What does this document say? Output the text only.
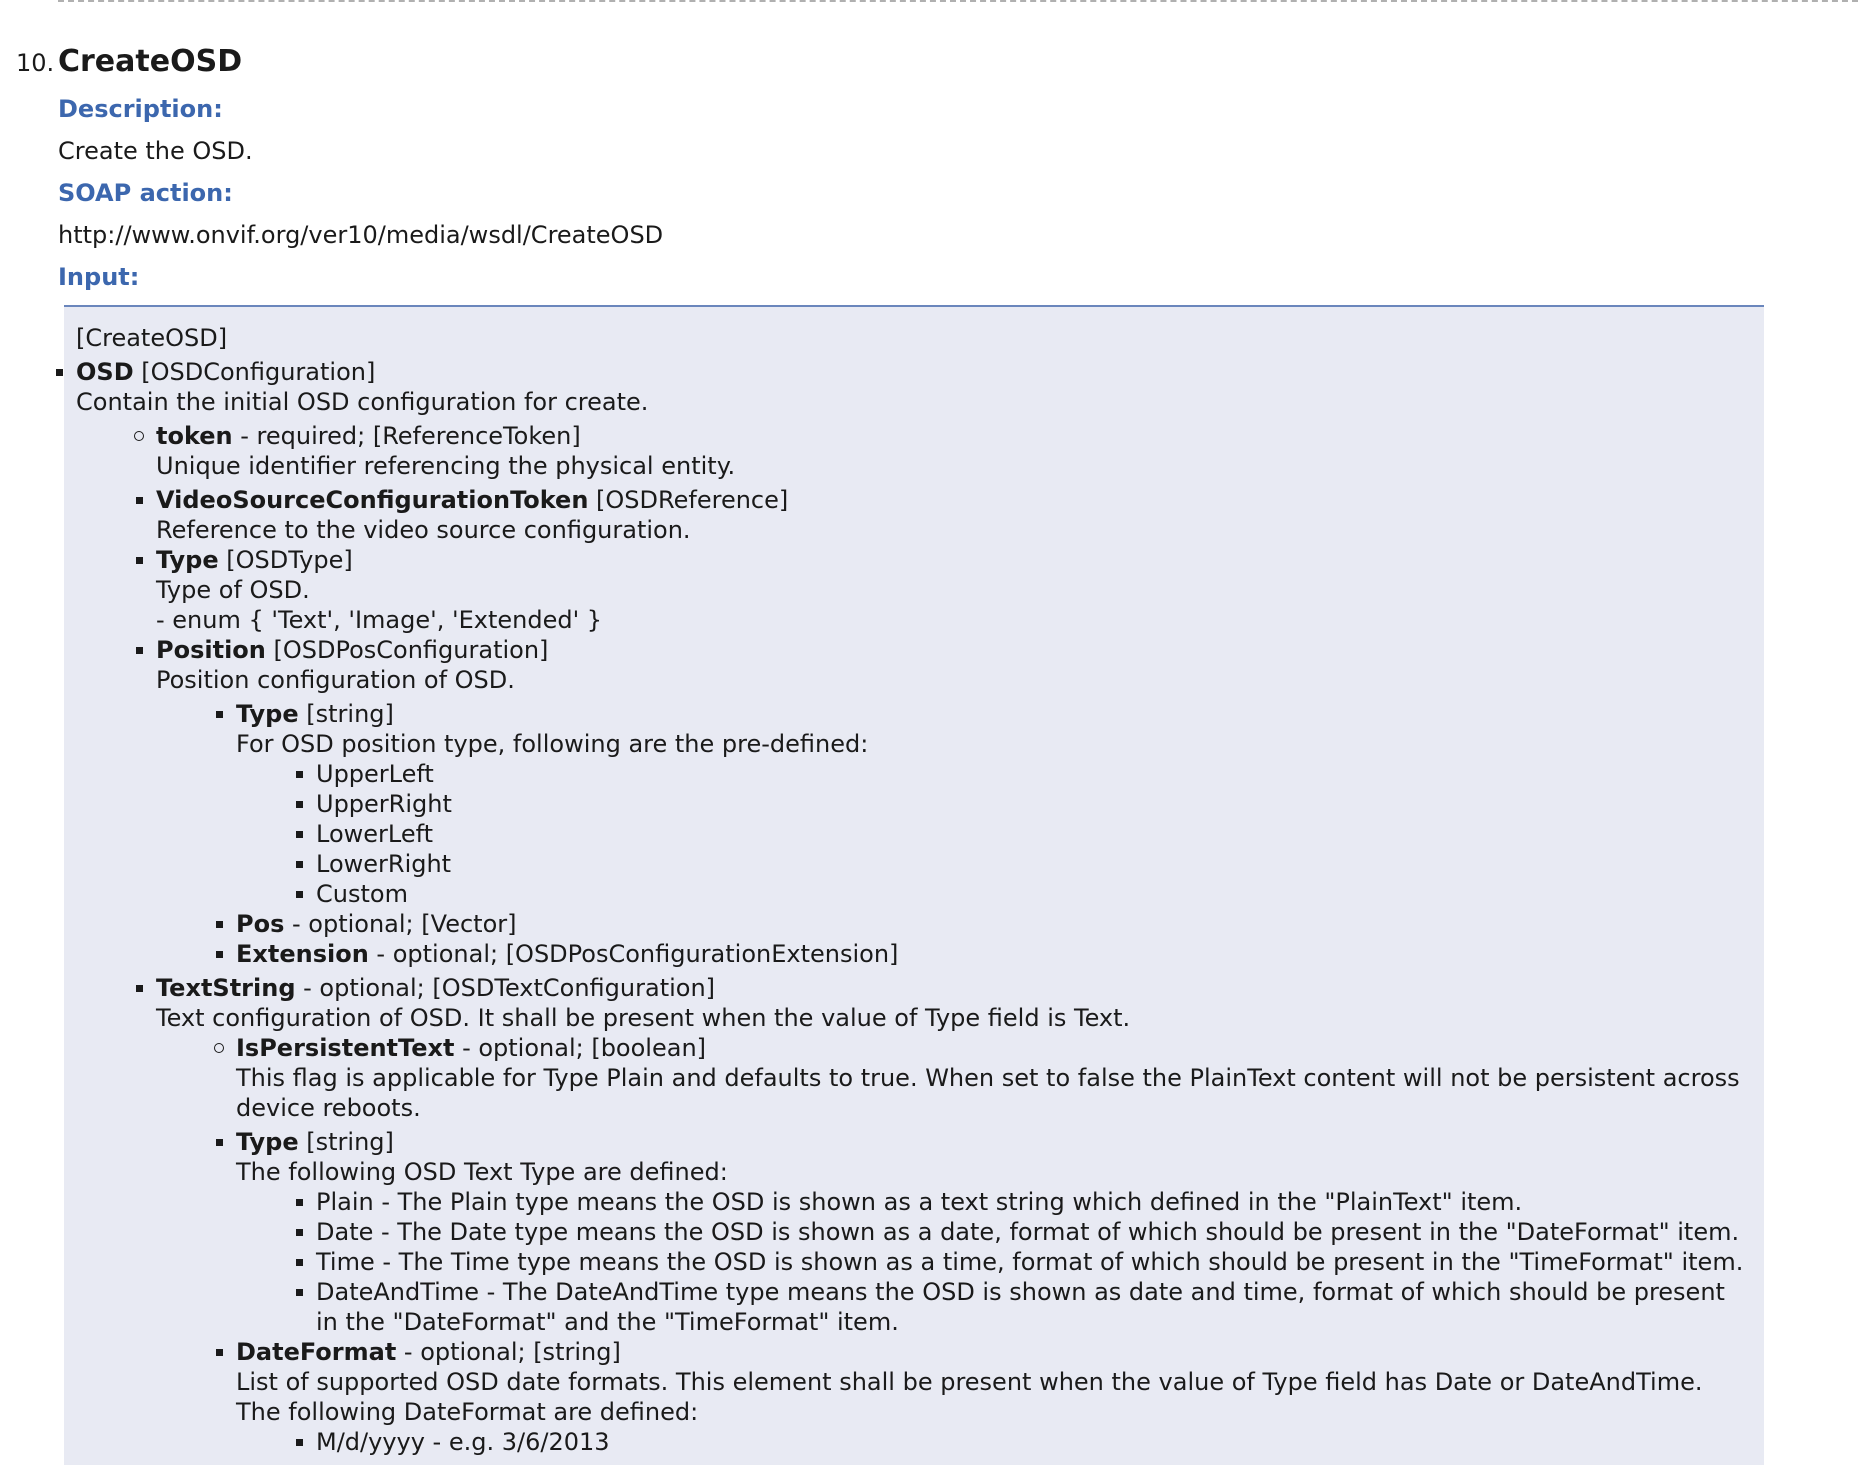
10. CreateOSD
Description:
Create the OSD.
SOAP action:
http://www.onvif.org/ver10/media/wsdl/CreateOSD
Input:
[CreateOSD]
OSD [OSDConfiguration]
Contain the initial OSD configuration for create.
token - required; [ReferenceToken]
Unique identifier referencing the physical entity.
VideoSourceConfigurationToken [OSDReference]
Reference to the video source configuration.
Type [OSDType]
Type of OSD.
- enum { 'Text', 'Image', 'Extended' }
Position [OSDPosConfiguration]
Position configuration of OSD.
Type [string]
For OSD position type, following are the pre-defined:
UpperLeft
UpperRight
LowerLeft
LowerRight
Custom
Pos - optional; [Vector]
Extension - optional; [OSDPosConfigurationExtension]
TextString - optional; [OSDTextConfiguration]
Text configuration of OSD. It shall be present when the value of Type field is Text.
IsPersistentText - optional; [boolean]
This flag is applicable for Type Plain and defaults to true. When set to false the PlainText content will not be persistent across device reboots.
Type [string]
The following OSD Text Type are defined:
Plain - The Plain type means the OSD is shown as a text string which defined in the "PlainText" item.
Date - The Date type means the OSD is shown as a date, format of which should be present in the "DateFormat" item.
Time - The Time type means the OSD is shown as a time, format of which should be present in the "TimeFormat" item.
DateAndTime - The DateAndTime type means the OSD is shown as date and time, format of which should be present in the "DateFormat" and the "TimeFormat" item.
DateFormat - optional; [string]
List of supported OSD date formats. This element shall be present when the value of Type field has Date or DateAndTime. The following DateFormat are defined:
M/d/yyyy - e.g. 3/6/2013
